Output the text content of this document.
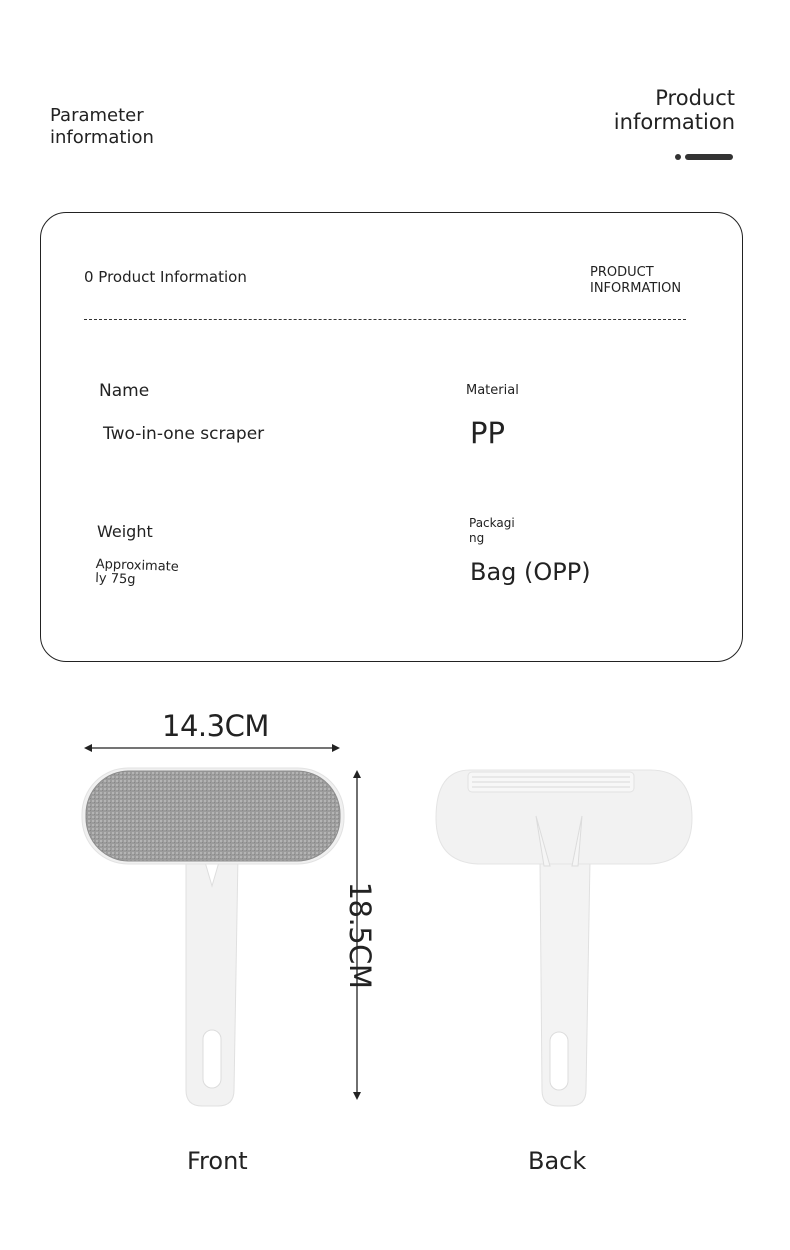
Parameter
information
Product
information
0 Product Information	PRODUCT
INFORMATION
Name
Two-in-one scraper
Material
PP
Weight
Approximate
ly 75g
Packagi
ng
Bag (OPP)
14.3CM
18.5CM
Front	Back
